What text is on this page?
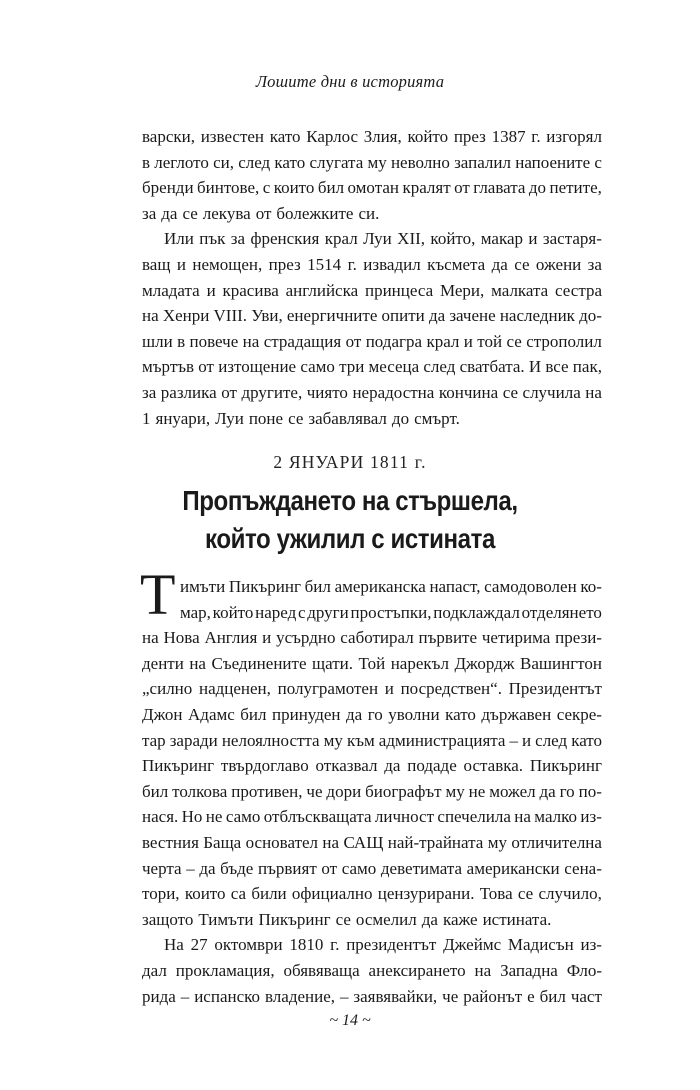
Лошите дни в историята
варски, известен като Карлос Злия, който през 1387 г. изгорял
в леглото си, след като слугата му неволно запалил напоените с
бренди бинтове, с които бил омотан кралят от главата до петите,
за да се лекува от болежките си.
Или пък за френския крал Луи XII, който, макар и застаря-
ващ и немощен, през 1514 г. извадил късмета да се ожени за
младата и красива английска принцеса Мери, малката сестра
на Хенри VIII. Уви, енергичните опити да зачене наследник до-
шли в повече на страдащия от подагра крал и той се строполил
мъртъв от изтощение само три месеца след сватбата. И все пак,
за разлика от другите, чиято нерадостна кончина се случила на
1 януари, Луи поне се забавлявал до смърт.
2 ЯНУАРИ 1811 г.
Пропъждането на стършела,
който ужилил с истината
Т имъти Пикъринг бил американска напаст, самодоволен ко-
мар, който наред с други простъпки, подклаждал отделянето
на Нова Англия и усърдно саботирал първите четирима прези-
денти на Съединените щати. Той нарекъл Джордж Вашингтон
„силно надценен, полуграмотен и посредствен“. Президентът
Джон Адамс бил принуден да го уволни като държавен секре-
тар заради нелоялността му към администрацията – и след като
Пикъринг твърдоглаво отказвал да подаде оставка. Пикъринг
бил толкова противен, че дори биографът му не можел да го по-
нася. Но не само отблъскващата личност спечелила на малко из-
вестния Баща основател на САЩ най-трайната му отличителна
черта – да бъде първият от само деветимата американски сена-
тори, които са били официално цензурирани. Това се случило,
защото Тимъти Пикъринг се осмелил да каже истината.
На 27 октомври 1810 г. президентът Джеймс Мадисън из-
дал прокламация, обявяваща анексирането на Западна Фло-
рида – испанско владение, – заявявайки, че районът е бил част
~ 14 ~
